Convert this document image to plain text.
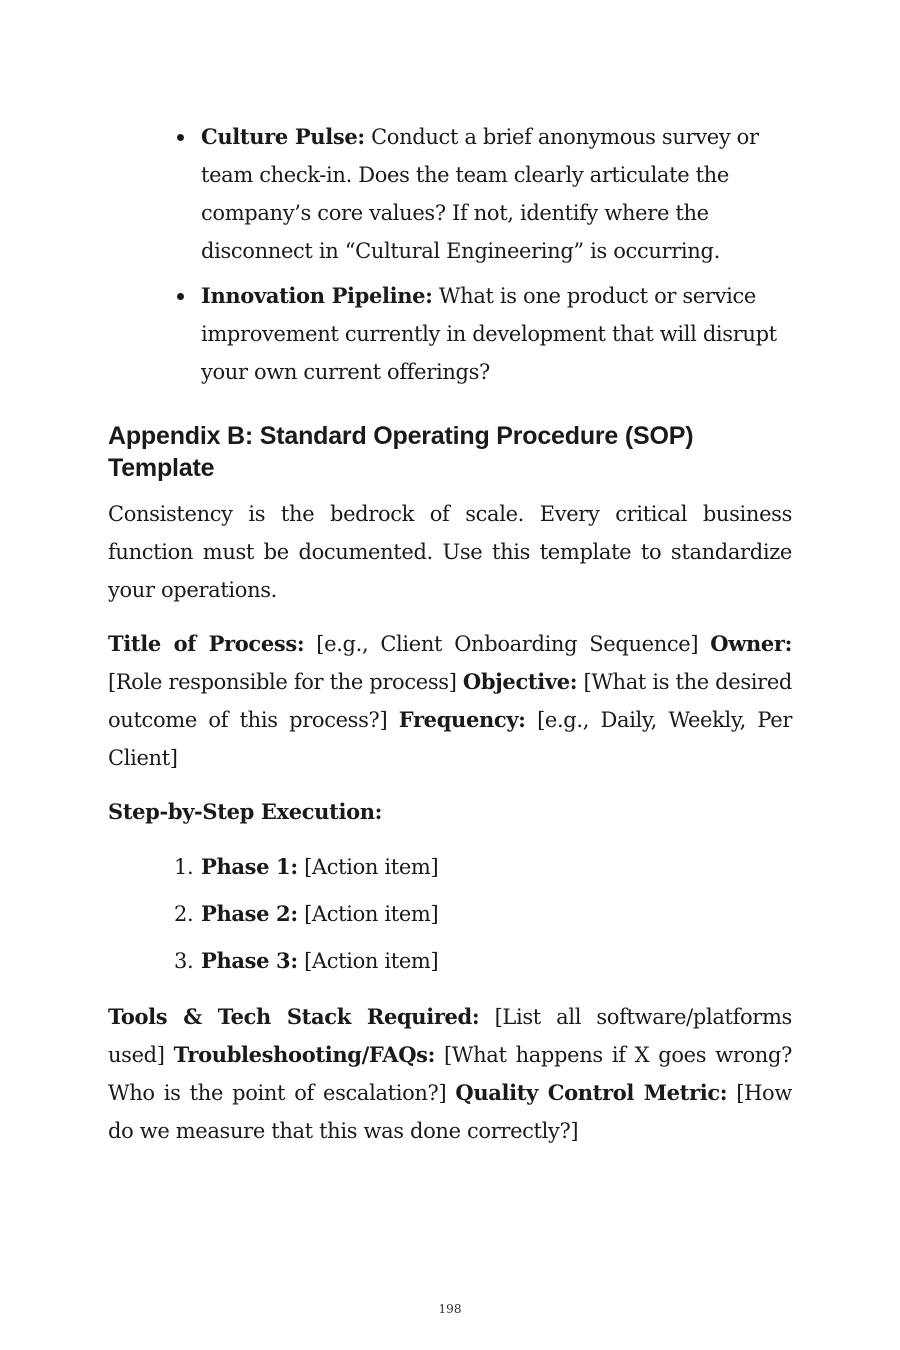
Culture Pulse: Conduct a brief anonymous survey or team check-in. Does the team clearly articulate the company’s core values? If not, identify where the disconnect in “Cultural Engineering” is occurring.
Innovation Pipeline: What is one product or service improvement currently in development that will disrupt your own current offerings?
Appendix B: Standard Operating Procedure (SOP) Template

Consistency is the bedrock of scale. Every critical business function must be documented. Use this template to standardize your operations.

Title of Process: [e.g., Client Onboarding Sequence] Owner: [Role responsible for the process] Objective: [What is the desired outcome of this process?] Frequency: [e.g., Daily, Weekly, Per Client]

Step-by-Step Execution:

1. Phase 1: [Action item]
2. Phase 2: [Action item]
3. Phase 3: [Action item]

Tools & Tech Stack Required: [List all software/platforms used] Troubleshooting/FAQs: [What happens if X goes wrong? Who is the point of escalation?] Quality Control Metric: [How do we measure that this was done correctly?]

198
